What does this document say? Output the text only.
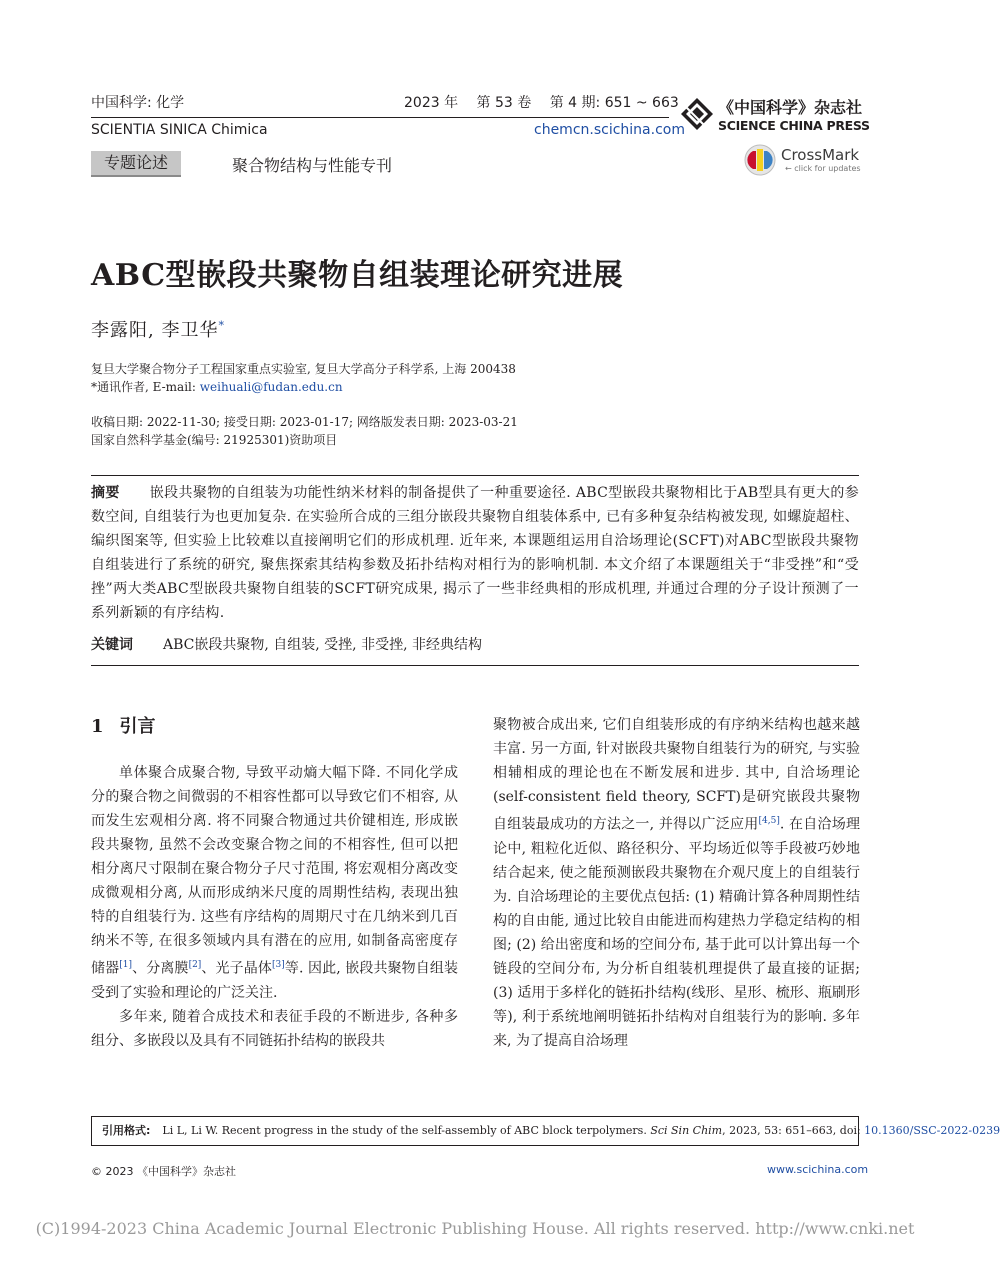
中国科学: 化学	2023 年 第 53 卷 第 4 期: 651 ~ 663
SCIENTIA SINICA Chimica	chemcn.scichina.com
《中国科学》杂志社
SCIENCE CHINA PRESS
CrossMark
← click for updates
专题论述	聚合物结构与性能专刊
ABC型嵌段共聚物自组装理论研究进展
李露阳, 李卫华*
复旦大学聚合物分子工程国家重点实验室, 复旦大学高分子科学系, 上海 200438
*通讯作者, E-mail: weihuali@fudan.edu.cn
收稿日期: 2022-11-30; 接受日期: 2023-01-17; 网络版发表日期: 2023-03-21
国家自然科学基金(编号: 21925301)资助项目
摘要 嵌段共聚物的自组装为功能性纳米材料的制备提供了一种重要途径. ABC型嵌段共聚物相比于AB型具有更大的参数空间, 自组装行为也更加复杂. 在实验所合成的三组分嵌段共聚物自组装体系中, 已有多种复杂结构被发现, 如螺旋超柱、编织图案等, 但实验上比较难以直接阐明它们的形成机理. 近年来, 本课题组运用自洽场理论(SCFT)对ABC型嵌段共聚物自组装进行了系统的研究, 聚焦探索其结构参数及拓扑结构对相行为的影响机制. 本文介绍了本课题组关于“非受挫”和“受挫”两大类ABC型嵌段共聚物自组装的SCFT研究成果, 揭示了一些非经典相的形成机理, 并通过合理的分子设计预测了一系列新颖的有序结构.
关键词 ABC嵌段共聚物, 自组装, 受挫, 非受挫, 非经典结构
1 引言

单体聚合成聚合物, 导致平动熵大幅下降. 不同化学成分的聚合物之间微弱的不相容性都可以导致它们不相容, 从而发生宏观相分离. 将不同聚合物通过共价键相连, 形成嵌段共聚物, 虽然不会改变聚合物之间的不相容性, 但可以把相分离尺寸限制在聚合物分子尺寸范围, 将宏观相分离改变成微观相分离, 从而形成纳米尺度的周期性结构, 表现出独特的自组装行为. 这些有序结构的周期尺寸在几纳米到几百纳米不等, 在很多领域内具有潜在的应用, 如制备高密度存储器[1]、分离膜[2]、光子晶体[3]等. 因此, 嵌段共聚物自组装受到了实验和理论的广泛关注.

多年来, 随着合成技术和表征手段的不断进步, 各种多组分、多嵌段以及具有不同链拓扑结构的嵌段共

聚物被合成出来, 它们自组装形成的有序纳米结构也越来越丰富. 另一方面, 针对嵌段共聚物自组装行为的研究, 与实验相辅相成的理论也在不断发展和进步. 其中, 自洽场理论(self-consistent field theory, SCFT)是研究嵌段共聚物自组装最成功的方法之一, 并得以广泛应用[4,5]. 在自洽场理论中, 粗粒化近似、路径积分、平均场近似等手段被巧妙地结合起来, 使之能预测嵌段共聚物在介观尺度上的自组装行为. 自洽场理论的主要优点包括: (1) 精确计算各种周期性结构的自由能, 通过比较自由能进而构建热力学稳定结构的相图; (2) 给出密度和场的空间分布, 基于此可以计算出每一个链段的空间分布, 为分析自组装机理提供了最直接的证据; (3) 适用于多样化的链拓扑结构(线形、星形、梳形、瓶刷形等), 利于系统地阐明链拓扑结构对自组装行为的影响. 多年来, 为了提高自洽场理

引用格式: Li L, Li W. Recent progress in the study of the self-assembly of ABC block terpolymers. Sci Sin Chim, 2023, 53: 651–663, doi: 10.1360/SSC-2022-0239
© 2023 《中国科学》杂志社	www.scichina.com
(C)1994-2023 China Academic Journal Electronic Publishing House. All rights reserved. http://www.cnki.net
